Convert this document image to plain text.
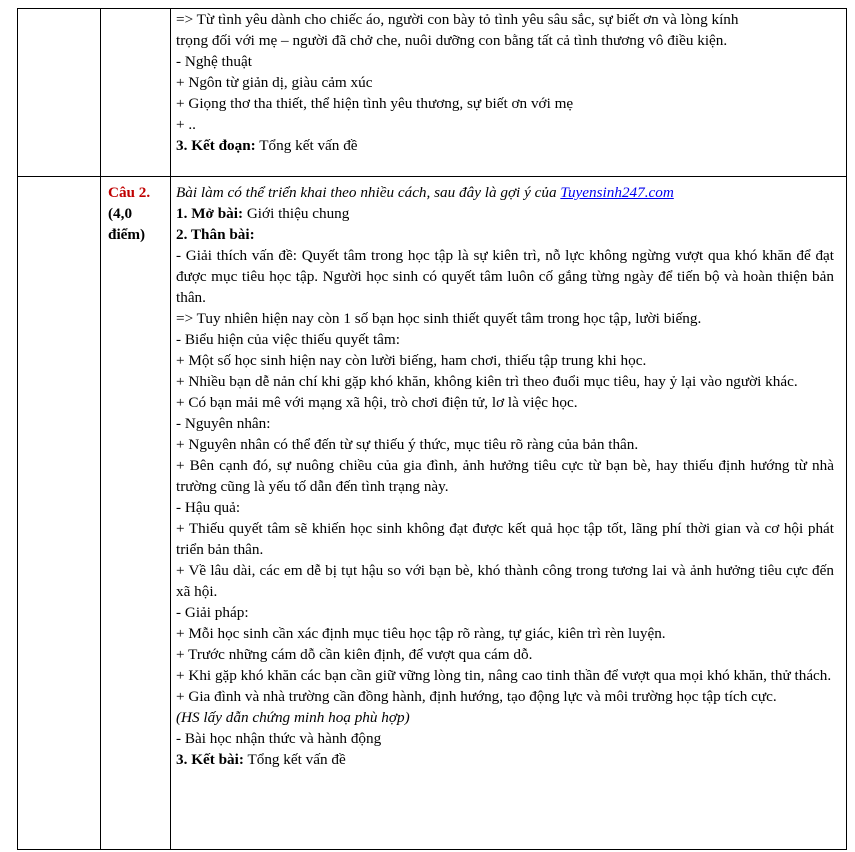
=> Từ tình yêu dành cho chiếc áo, người con bày tỏ tình yêu sâu sắc, sự biết ơn và lòng kính
trọng đối với mẹ – người đã chở che, nuôi dưỡng con bằng tất cả tình thương vô điều kiện.
- Nghệ thuật
+ Ngôn từ giản dị, giàu cảm xúc
+ Giọng thơ tha thiết, thể hiện tình yêu thương, sự biết ơn với mẹ
+ ..
3. Kết đoạn: Tổng kết vấn đề
Câu 2.
(4,0
điểm)
Bài làm có thể triển khai theo nhiều cách, sau đây là gợi ý của Tuyensinh247.com
1. Mở bài: Giới thiệu chung
2. Thân bài:
- Giải thích vấn đề: Quyết tâm trong học tập là sự kiên trì, nỗ lực không ngừng vượt qua khó khăn để đạt được mục tiêu học tập. Người học sinh có quyết tâm luôn cố gắng từng ngày để tiến bộ và hoàn thiện bản thân.
=> Tuy nhiên hiện nay còn 1 số bạn học sinh thiết quyết tâm trong học tập, lười biếng.
- Biểu hiện của việc thiếu quyết tâm:
+ Một số học sinh hiện nay còn lười biếng, ham chơi, thiếu tập trung khi học.
+ Nhiều bạn dễ nản chí khi gặp khó khăn, không kiên trì theo đuổi mục tiêu, hay ỷ lại vào người khác.
+ Có bạn mải mê với mạng xã hội, trò chơi điện tử, lơ là việc học.
- Nguyên nhân:
+ Nguyên nhân có thể đến từ sự thiếu ý thức, mục tiêu rõ ràng của bản thân.
+ Bên cạnh đó, sự nuông chiều của gia đình, ảnh hưởng tiêu cực từ bạn bè, hay thiếu định hướng từ nhà trường cũng là yếu tố dẫn đến tình trạng này.
- Hậu quả:
+ Thiếu quyết tâm sẽ khiến học sinh không đạt được kết quả học tập tốt, lãng phí thời gian và cơ hội phát triển bản thân.
+ Về lâu dài, các em dễ bị tụt hậu so với bạn bè, khó thành công trong tương lai và ảnh hưởng tiêu cực đến xã hội.
- Giải pháp:
+ Mỗi học sinh cần xác định mục tiêu học tập rõ ràng, tự giác, kiên trì rèn luyện.
+ Trước những cám dỗ cần kiên định, để vượt qua cám dỗ.
+ Khi gặp khó khăn các bạn cần giữ vững lòng tin, nâng cao tinh thần để vượt qua mọi khó khăn, thử thách.
+ Gia đình và nhà trường cần đồng hành, định hướng, tạo động lực và môi trường học tập tích cực.
(HS lấy dẫn chứng minh hoạ phù hợp)
- Bài học nhận thức và hành động
3. Kết bài: Tổng kết vấn đề
